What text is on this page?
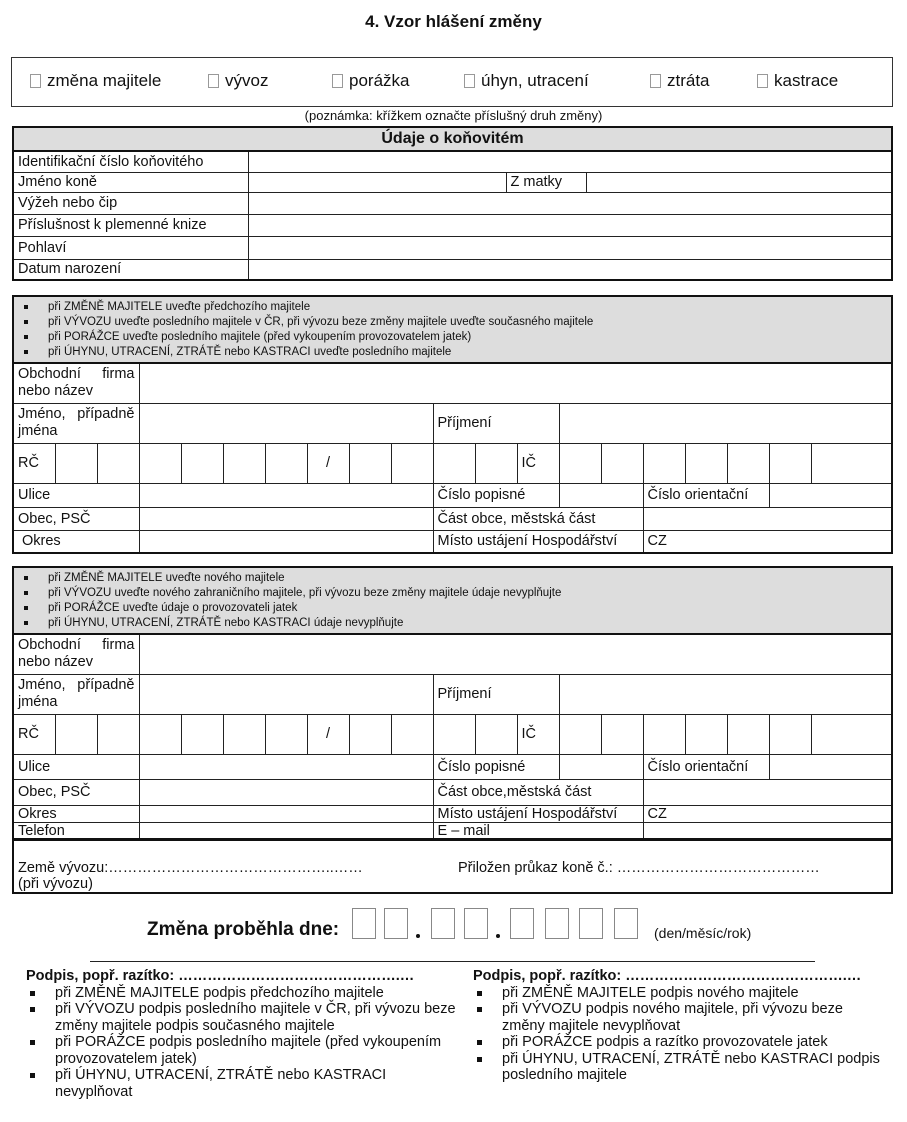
4. Vzor hlášení změny
změna majitele	vývoz	porážka	úhyn, utracení	ztráta	kastrace
(poznámka: křížkem označte příslušný druh změny)
Údaje o koňovitém			
Identifikační číslo koňovitého			
Jméno koně		Z matky	
Výžeh nebo čip			
Příslušnost k plemenné knize			
Pohlaví			
Datum narození			
při ZMĚNĚ MAJITELE uveďte předchozího majitele
při VÝVOZU uveďte posledního majitele v ČR, při vývozu beze změny majitele uveďte současného majitele
při PORÁŽCE uveďte posledního majitele (před vykoupením provozovatelem jatek)
při ÚHYNU, UTRACENÍ, ZTRÁTĚ nebo KASTRACI uveďte posledního majitele

Obchodní firma
nebo název																			

Jméno, případně
jména										Příjmení									
RČ							/					IČ							
Ulice										Číslo popisné					Číslo orientační				
Obec, PSČ										Část obce, městská část									
Okres										Místo ustájení Hospodářství					CZ				
při ZMĚNĚ MAJITELE uveďte nového majitele
při VÝVOZU uveďte nového zahraničního majitele, při vývozu beze změny majitele údaje nevyplňujte
při PORÁŽCE uveďte údaje o provozovateli jatek
při ÚHYNU, UTRACENÍ, ZTRÁTĚ nebo KASTRACI údaje nevyplňujte

Obchodní firma
nebo název																			

Jméno, případně
jména										Příjmení									
RČ							/					IČ							
Ulice										Číslo popisné					Číslo orientační				
Obec, PSČ										Část obce,městská část									
Okres										Místo ustájení Hospodářství					CZ				
Telefon										E – mail									
Země vývozu:………………………………………..……
(při vývozu)
Přiložen průkaz koně č.: ……………………………………
Změna proběhla dne:	(den/měsíc/rok)
Podpis, popř. razítko: ……………………………………….…
při ZMĚNĚ MAJITELE podpis předchozího majitele
při VÝVOZU podpis posledního majitele v ČR, při vývozu beze změny majitele podpis současného majitele
při PORÁŽCE podpis posledního majitele (před vykoupením provozovatelem jatek)
při ÚHYNU, UTRACENÍ, ZTRÁTĚ nebo KASTRACI nevyplňovat
Podpis, popř. razítko: ……………………………………….…
při ZMĚNĚ MAJITELE podpis nového majitele
při VÝVOZU podpis nového majitele, při vývozu beze změny majitele nevyplňovat
při PORÁŽCE podpis a razítko provozovatele jatek
při ÚHYNU, UTRACENÍ, ZTRÁTĚ nebo KASTRACI podpis posledního majitele
